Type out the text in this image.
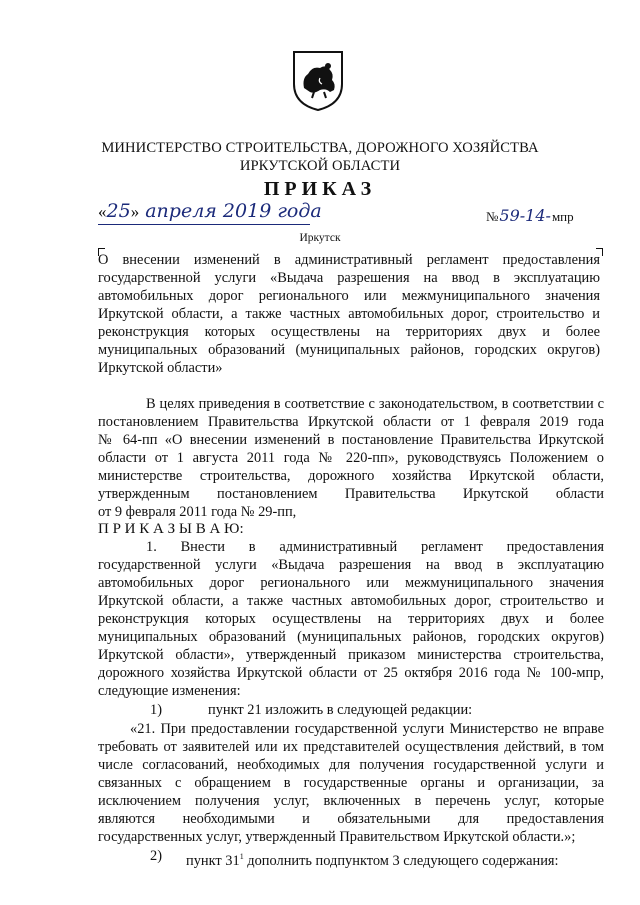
МИНИСТЕРСТВО СТРОИТЕЛЬСТВА, ДОРОЖНОГО ХОЗЯЙСТВА
ИРКУТСКОЙ ОБЛАСТИ
ПРИКАЗ
«25» апреля 2019 года	№59-14-мпр
Иркутск
О внесении изменений в административный регламент предоставления
государственной услуги «Выдача разрешения на ввод в эксплуатацию
автомобильных дорог регионального или межмуниципального значения
Иркутской области, а также частных автомобильных дорог, строительство и
реконструкция которых осуществлены на территориях двух и более
муниципальных образований (муниципальных районов, городских округов)
Иркутской области»
В целях приведения в соответствие с законодательством, в соответствии с
постановлением Правительства Иркутской области от 1 февраля 2019 года
№ 64-пп «О внесении изменений в постановление Правительства Иркутской
области от 1 августа 2011 года № 220-пп», руководствуясь Положением о
министерстве строительства, дорожного хозяйства Иркутской области,
утвержденным постановлением Правительства Иркутской области
от 9 февраля 2011 года № 29-пп,
П Р И К А З Ы В А Ю:
1. Внести в административный регламент предоставления
государственной услуги «Выдача разрешения на ввод в эксплуатацию
автомобильных дорог регионального или межмуниципального значения
Иркутской области, а также частных автомобильных дорог, строительство и
реконструкция которых осуществлены на территориях двух и более
муниципальных образований (муниципальных районов, городских округов)
Иркутской области», утвержденный приказом министерства строительства,
дорожного хозяйства Иркутской области от 25 октября 2016 года № 100-мпр,
следующие изменения:
1)	пункт 21 изложить в следующей редакции:
«21. При предоставлении государственной услуги Министерство не вправе
требовать от заявителей или их представителей осуществления действий, в том
числе согласований, необходимых для получения государственной услуги и
связанных с обращением в государственные органы и организации, за
исключением получения услуг, включенных в перечень услуг, которые
являются необходимыми и обязательными для предоставления
государственных услуг, утвержденный Правительством Иркутской области.»;
2) пункт $31^1$ дополнить подпунктом 3 следующего содержания:
